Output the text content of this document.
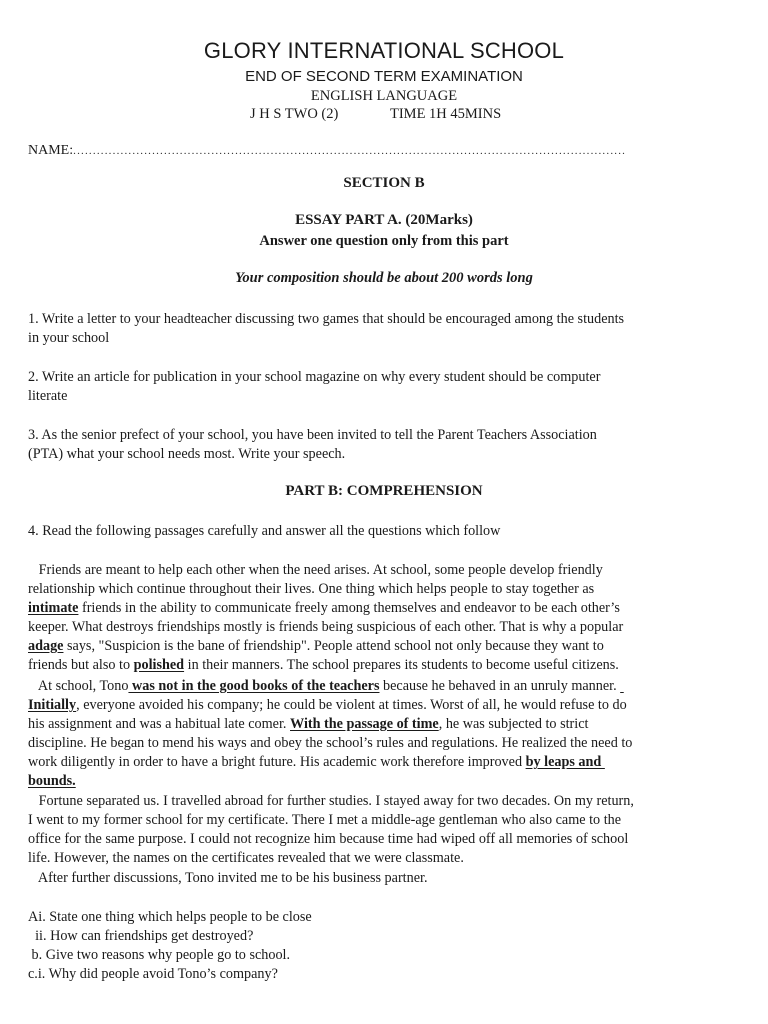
GLORY INTERNATIONAL SCHOOL
END OF SECOND TERM EXAMINATION
ENGLISH LANGUAGE
J H S TWO (2)	TIME 1H 45MINS
NAME:............................................................................................................................................
SECTION B
ESSAY PART A. (20Marks)
Answer one question only from this part
Your composition should be about 200 words long
1. Write a letter to your headteacher discussing two games that should be encouraged among the students
in your school
2. Write an article for publication in your school magazine on why every student should be computer
literate
3. As the senior prefect of your school, you have been invited to tell the Parent Teachers Association
(PTA) what your school needs most. Write your speech.
PART B: COMPREHENSION
4. Read the following passages carefully and answer all the questions which follow
Friends are meant to help each other when the need arises. At school, some people develop friendly
relationship which continue throughout their lives. One thing which helps people to stay together as
intimate friends in the ability to communicate freely among themselves and endeavor to be each other’s
keeper. What destroys friendships mostly is friends being suspicious of each other. That is why a popular
adage says, "Suspicion is the bane of friendship". People attend school not only because they want to
friends but also to polished in their manners. The school prepares its students to become useful citizens.
At school, Tono was not in the good books of the teachers because he behaved in an unruly manner.
Initially, everyone avoided his company; he could be violent at times. Worst of all, he would refuse to do
his assignment and was a habitual late comer. With the passage of time, he was subjected to strict
discipline. He began to mend his ways and obey the school’s rules and regulations. He realized the need to
work diligently in order to have a bright future. His academic work therefore improved by leaps and
bounds.
Fortune separated us. I travelled abroad for further studies. I stayed away for two decades. On my return,
I went to my former school for my certificate. There I met a middle-age gentleman who also came to the
office for the same purpose. I could not recognize him because time had wiped off all memories of school
life. However, the names on the certificates revealed that we were classmate.
After further discussions, Tono invited me to be his business partner.
Ai. State one thing which helps people to be close
ii. How can friendships get destroyed?
b. Give two reasons why people go to school.
c.i. Why did people avoid Tono’s company?
